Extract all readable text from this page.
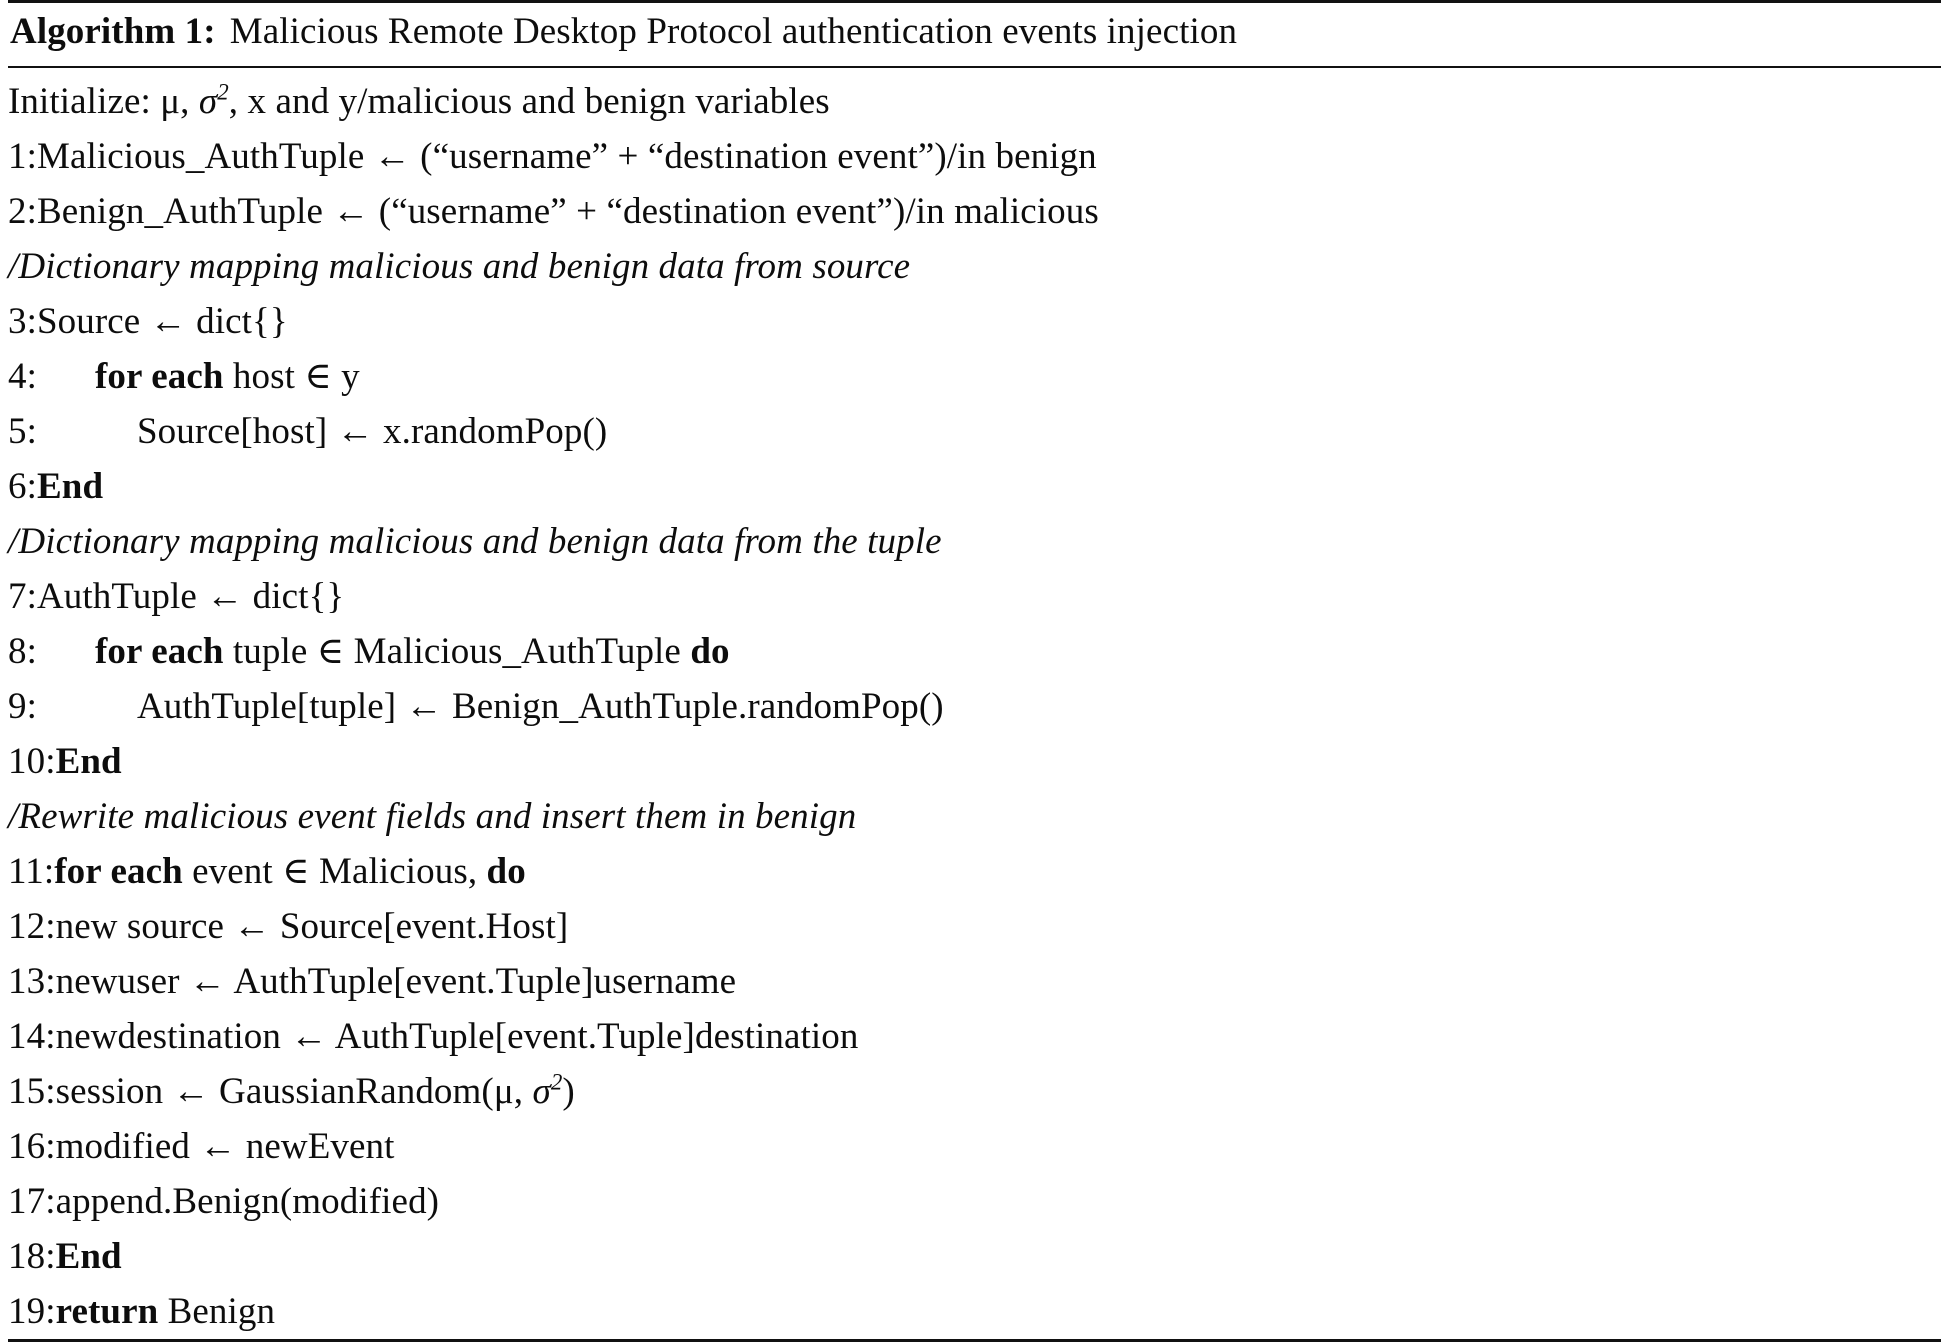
Algorithm 1: Malicious Remote Desktop Protocol authentication events injection
Initialize: μ, $\sigma^2$, x and y/malicious and benign variables
1:Malicious_AuthTuple ← (“username” + “destination event”)/in benign
2:Benign_AuthTuple ← (“username” + “destination event”)/in malicious
/Dictionary mapping malicious and benign data from source
3:Source ← dict{}
4:for each host ∈ y
5:	Source[host] ← x.randomPop()
6:End
/Dictionary mapping malicious and benign data from the tuple
7:AuthTuple ← dict{}
8:for each tuple ∈ Malicious_AuthTuple do
9:	AuthTuple[tuple] ← Benign_AuthTuple.randomPop()
10:End
/Rewrite malicious event fields and insert them in benign
11:for each event ∈ Malicious, do
12:new source ← Source[event.Host]
13:newuser ← AuthTuple[event.Tuple]username
14:newdestination ← AuthTuple[event.Tuple]destination
15:session ← GaussianRandom(μ, $\sigma^2$)
16:modified ← newEvent
17:append.Benign(modified)
18:End
19:return Benign
